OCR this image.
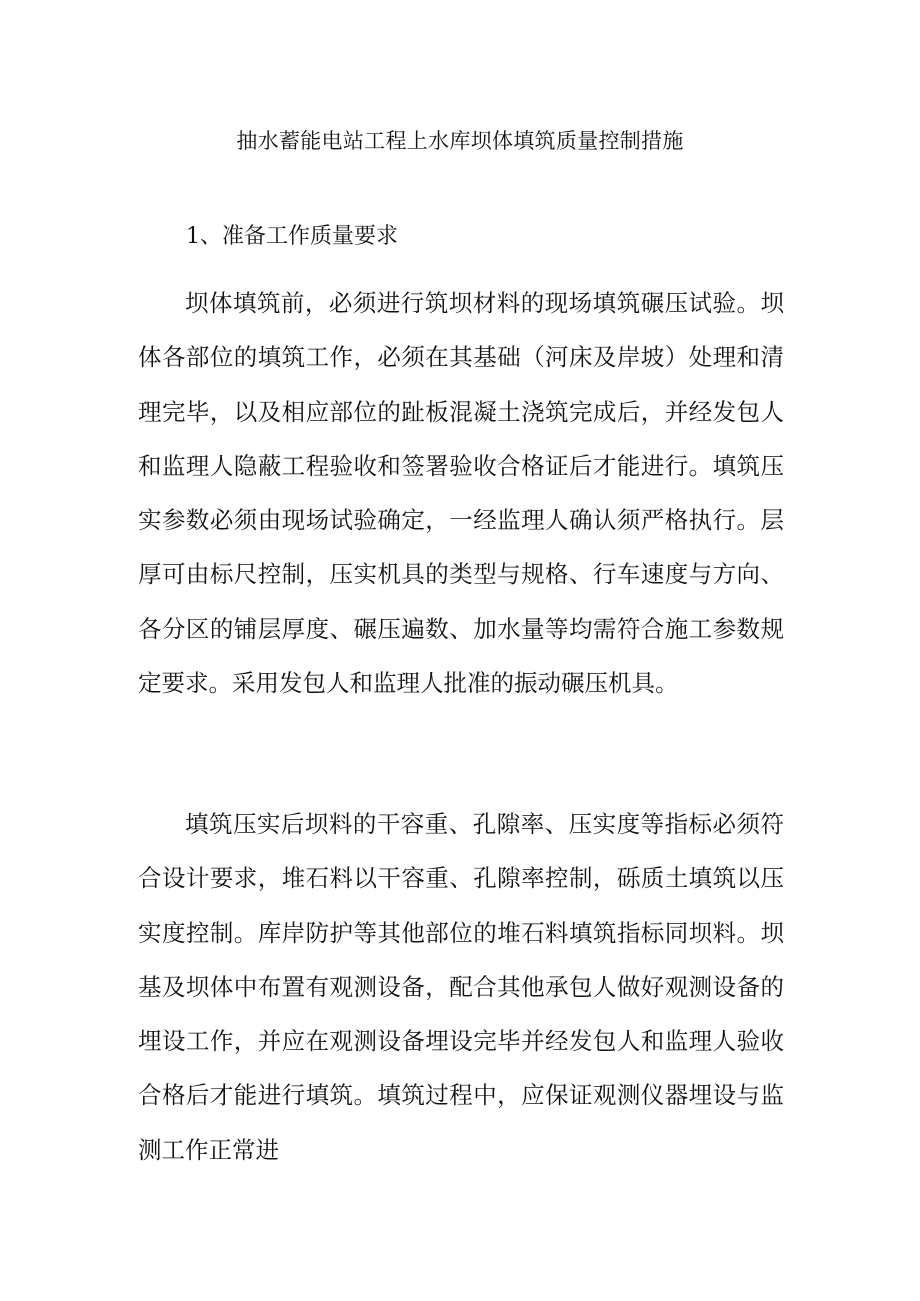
抽水蓄能电站工程上水库坝体填筑质量控制措施
1、准备工作质量要求

坝体填筑前，必须进行筑坝材料的现场填筑碾压试验。坝体各部位的填筑工作，必须在其基础（河床及岸坡）处理和清理完毕，以及相应部位的趾板混凝土浇筑完成后，并经发包人和监理人隐蔽工程验收和签署验收合格证后才能进行。填筑压实参数必须由现场试验确定，一经监理人确认须严格执行。层厚可由标尺控制，压实机具的类型与规格、行车速度与方向、各分区的铺层厚度、碾压遍数、加水量等均需符合施工参数规定要求。采用发包人和监理人批准的振动碾压机具。

填筑压实后坝料的干容重、孔隙率、压实度等指标必须符合设计要求，堆石料以干容重、孔隙率控制，砾质土填筑以压实度控制。库岸防护等其他部位的堆石料填筑指标同坝料。坝基及坝体中布置有观测设备，配合其他承包人做好观测设备的埋设工作，并应在观测设备埋设完毕并经发包人和监理人验收合格后才能进行填筑。填筑过程中，应保证观测仪器埋设与监测工作正常进
